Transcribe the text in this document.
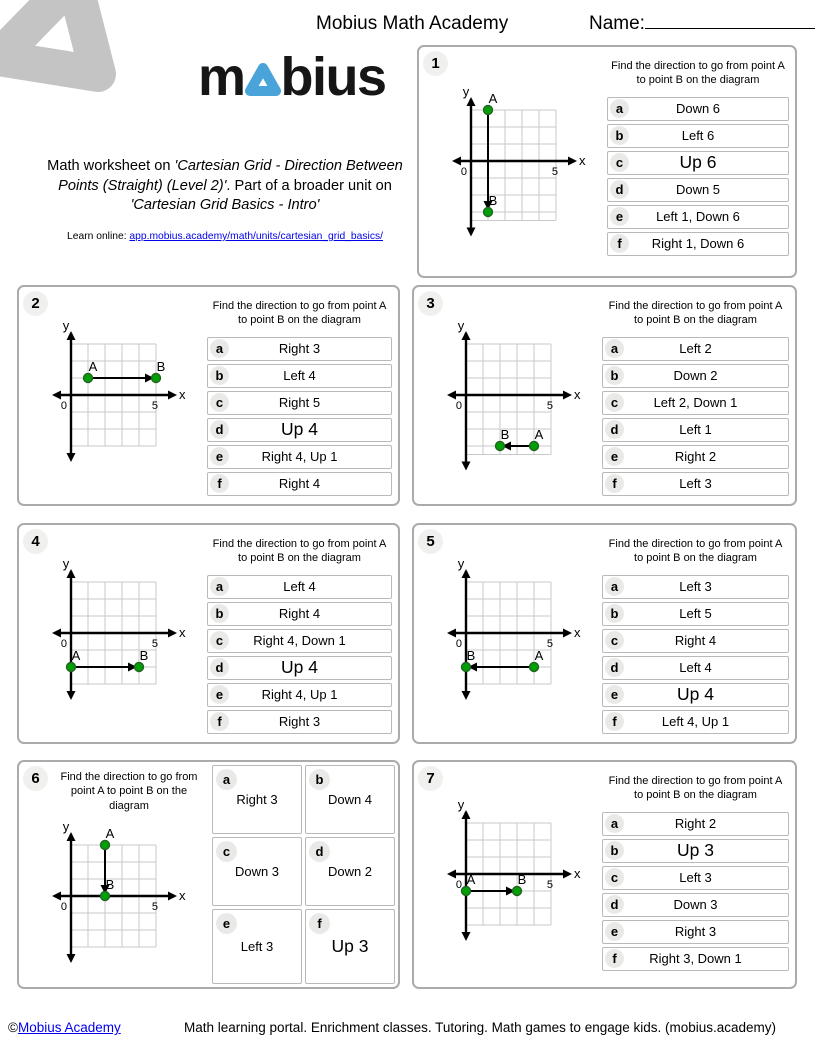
Mobius Math Academy	Name:
m bius
Math worksheet on 'Cartesian Grid - Direction Between Points (Straight) (Level 2)'. Part of a broader unit on 'Cartesian Grid Basics - Intro'
Learn online: app.mobius.academy/math/units/cartesian_grid_basics/
1
y
x
0	5
A
B
Find the direction to go from point A to point B on the diagram
a	Down 6
b	Left 6
c	Up 6
d	Down 5
e	Left 1, Down 6
f	Right 1, Down 6
2
y
x
0	5
A	B
Find the direction to go from point A to point B on the diagram
a	Right 3
b	Left 4
c	Right 5
d	Up 4
e	Right 4, Up 1
f	Right 4
3
y
x
0	5
A
B
Find the direction to go from point A to point B on the diagram
a	Left 2
b	Down 2
c	Left 2, Down 1
d	Left 1
e	Right 2
f	Left 3
4
y
x
0	5
A	B
Find the direction to go from point A to point B on the diagram
a	Left 4
b	Right 4
c	Right 4, Down 1
d	Up 4
e	Right 4, Up 1
f	Right 3
5
y
x
0	5
A
B
Find the direction to go from point A to point B on the diagram
a	Left 3
b	Left 5
c	Right 4
d	Left 4
e	Up 4
f	Left 4, Up 1
6	Find the direction to go from point A to point B on the diagram
y
x
0	5
A
B
a
Right 3
b
Down 4
c
Down 3
d
Down 2
e
Left 3
f
Up 3
7
y
x
0	5
A	B
Find the direction to go from point A to point B on the diagram
a	Right 2
b	Up 3
c	Left 3
d	Down 3
e	Right 3
f	Right 3, Down 1
©Mobius Academy	Math learning portal. Enrichment classes. Tutoring. Math games to engage kids. (mobius.academy)
